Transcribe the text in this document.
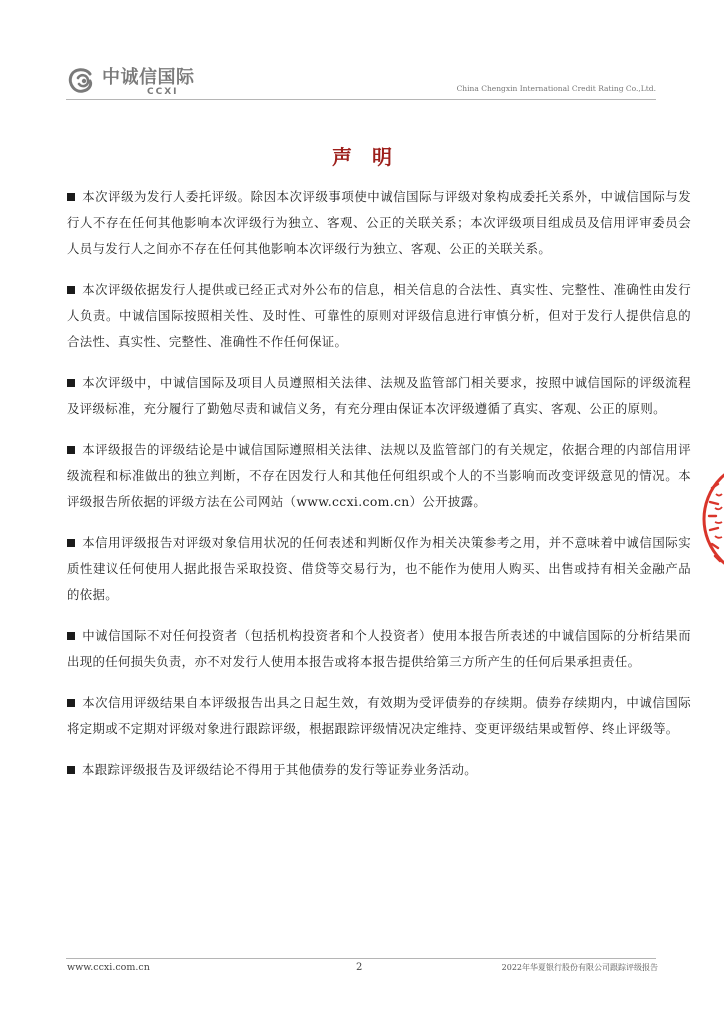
中诚信国际
CCXI	China Chengxin International Credit Rating Co.,Ltd.
声　明

本次评级为发行人委托评级。除因本次评级事项使中诚信国际与评级对象构成委托关系外，中诚信国际与发行人不存在任何其他影响本次评级行为独立、客观、公正的关联关系；本次评级项目组成员及信用评审委员会人员与发行人之间亦不存在任何其他影响本次评级行为独立、客观、公正的关联关系。

本次评级依据发行人提供或已经正式对外公布的信息，相关信息的合法性、真实性、完整性、准确性由发行人负责。中诚信国际按照相关性、及时性、可靠性的原则对评级信息进行审慎分析，但对于发行人提供信息的合法性、真实性、完整性、准确性不作任何保证。

本次评级中，中诚信国际及项目人员遵照相关法律、法规及监管部门相关要求，按照中诚信国际的评级流程及评级标准，充分履行了勤勉尽责和诚信义务，有充分理由保证本次评级遵循了真实、客观、公正的原则。

本评级报告的评级结论是中诚信国际遵照相关法律、法规以及监管部门的有关规定，依据合理的内部信用评级流程和标准做出的独立判断，不存在因发行人和其他任何组织或个人的不当影响而改变评级意见的情况。本评级报告所依据的评级方法在公司网站（www.ccxi.com.cn）公开披露。

本信用评级报告对评级对象信用状况的任何表述和判断仅作为相关决策参考之用，并不意味着中诚信国际实质性建议任何使用人据此报告采取投资、借贷等交易行为，也不能作为使用人购买、出售或持有相关金融产品的依据。

中诚信国际不对任何投资者（包括机构投资者和个人投资者）使用本报告所表述的中诚信国际的分析结果而出现的任何损失负责，亦不对发行人使用本报告或将本报告提供给第三方所产生的任何后果承担责任。

本次信用评级结果自本评级报告出具之日起生效，有效期为受评债券的存续期。债券存续期内，中诚信国际将定期或不定期对评级对象进行跟踪评级，根据跟踪评级情况决定维持、变更评级结果或暂停、终止评级等。

本跟踪评级报告及评级结论不得用于其他债券的发行等证券业务活动。

www.ccxi.com.cn	2	2022年华夏银行股份有限公司跟踪评级报告
